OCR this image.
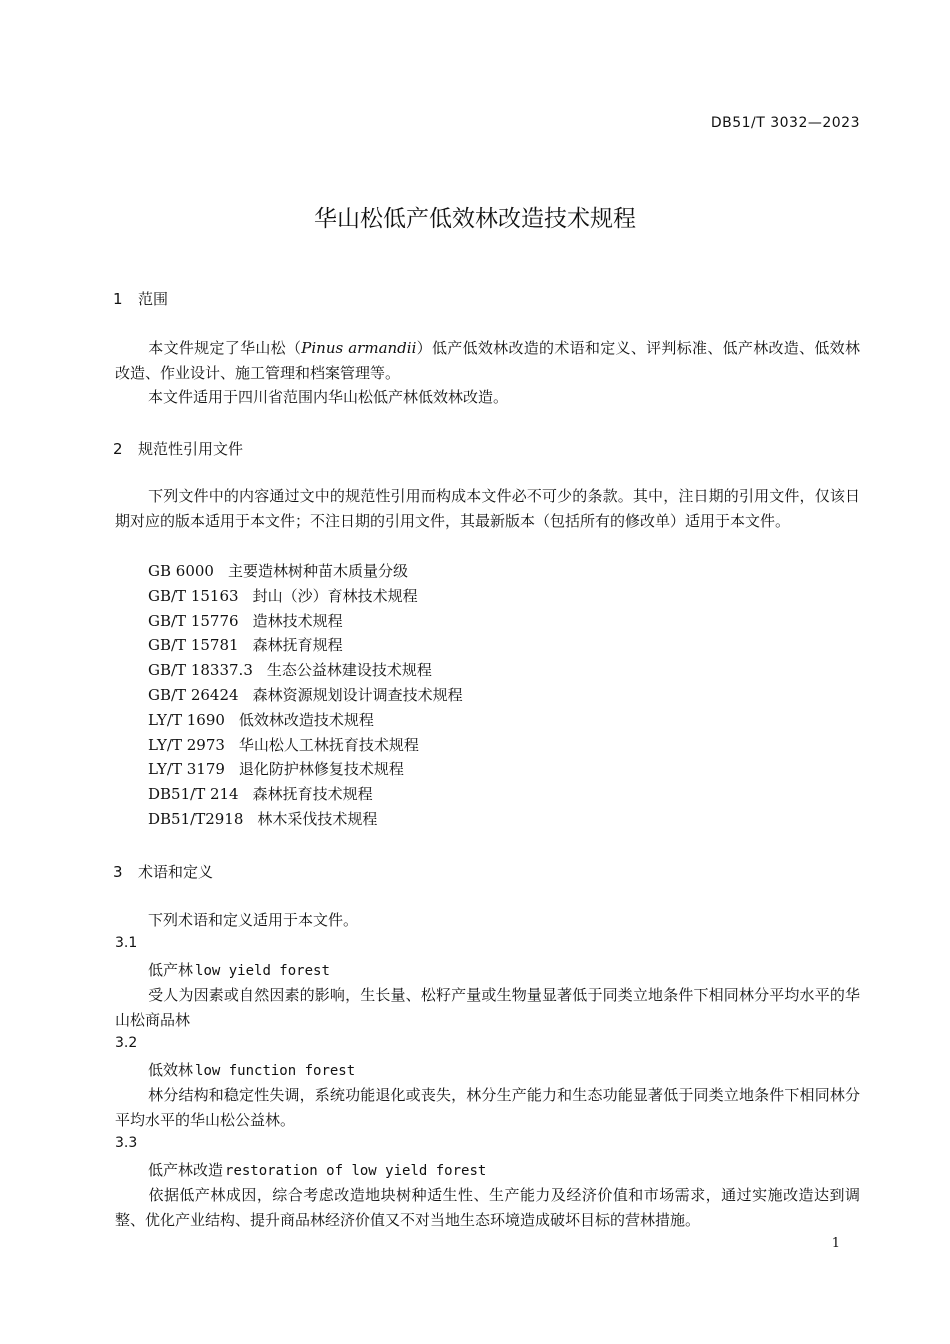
DB51/T 3032—2023
华山松低产低效林改造技术规程
1 范围
本文件规定了华山松（Pinus armandii）低产低效林改造的术语和定义、评判标准、低产林改造、低效林改造、作业设计、施工管理和档案管理等。
本文件适用于四川省范围内华山松低产林低效林改造。
2 规范性引用文件
下列文件中的内容通过文中的规范性引用而构成本文件必不可少的条款。其中，注日期的引用文件，仅该日期对应的版本适用于本文件；不注日期的引用文件，其最新版本（包括所有的修改单）适用于本文件。
GB 6000 主要造林树种苗木质量分级
GB/T 15163 封山（沙）育林技术规程
GB/T 15776 造林技术规程
GB/T 15781 森林抚育规程
GB/T 18337.3 生态公益林建设技术规程
GB/T 26424 森林资源规划设计调查技术规程
LY/T 1690 低效林改造技术规程
LY/T 2973 华山松人工林抚育技术规程
LY/T 3179 退化防护林修复技术规程
DB51/T 214 森林抚育技术规程
DB51/T2918 林木采伐技术规程
3 术语和定义
下列术语和定义适用于本文件。
3.1
低产林 low yield forest
受人为因素或自然因素的影响，生长量、松籽产量或生物量显著低于同类立地条件下相同林分平均水平的华山松商品林
3.2
低效林 low function forest
林分结构和稳定性失调，系统功能退化或丧失，林分生产能力和生态功能显著低于同类立地条件下相同林分平均水平的华山松公益林。
3.3
低产林改造 restoration of low yield forest
依据低产林成因，综合考虑改造地块树种适生性、生产能力及经济价值和市场需求，通过实施改造达到调整、优化产业结构、提升商品林经济价值又不对当地生态环境造成破坏目标的营林措施。
1
